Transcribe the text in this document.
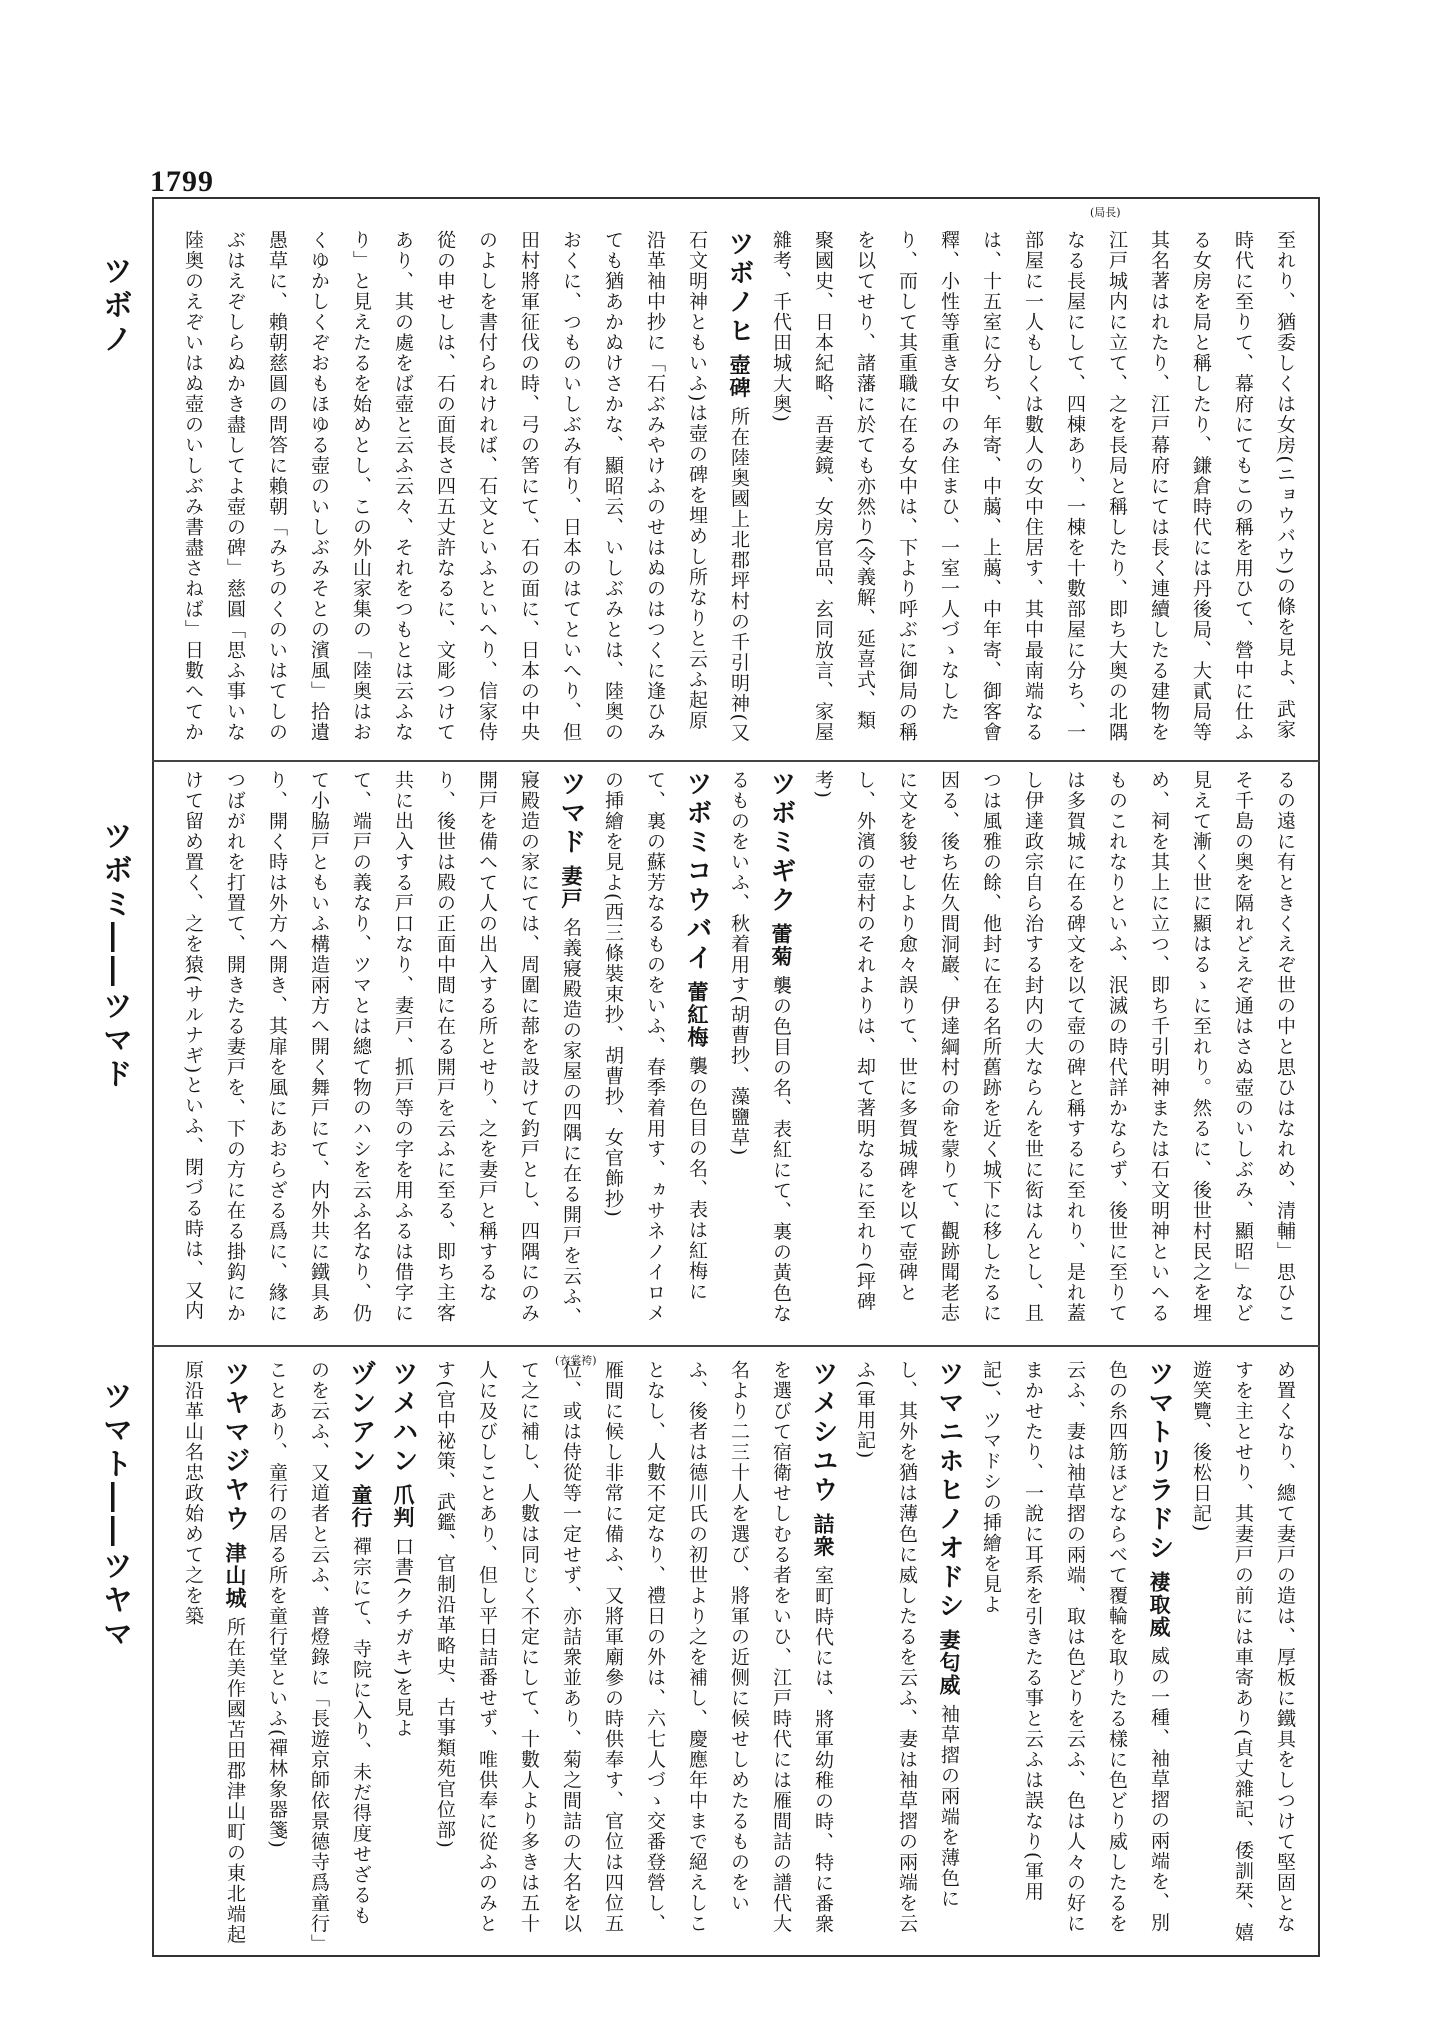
1799
(局長)
(衣裳袴)
ツボノ
ツボミ――ツマド
ツマト――ツヤマ
至れり、猶委しくは女房(ニョウバウ)の條を見よ、武家時代に至りて、幕府にてもこの稱を用ひて、營中に仕ふる女房を局と稱したり、鎌倉時代には丹後局、大貳局等其名著はれたり、江戸幕府にては長く連續したる建物を江戸城内に立て、之を長局と稱したり、即ち大奥の北隅なる長屋にして、四棟あり、一棟を十數部屋に分ち、一部屋に一人もしくは數人の女中住居す、其中最南端なるは、十五室に分ち、年寄、中﨟、上﨟、中年寄、御客會釋、小性等重き女中のみ住まひ、一室一人づゝなしたり、而して其重職に在る女中は、下より呼ぶに御局の稱を以てせり、諸藩に於ても亦然り(令義解、延喜式、類聚國史、日本紀略、吾妻鏡、女房官品、玄同放言、家屋雜考、千代田城大奥)
ツボノヒ 壺碑 所在陸奥國上北郡坪村の千引明神(又石文明神ともいふ)は壺の碑を埋めし所なりと云ふ起原沿革袖中抄に「石ぶみやけふのせはぬのはつくに逢ひみても猶あかぬけさかな、顯昭云、いしぶみとは、陸奥のおくに、つものいしぶみ有り、日本のはてといへり、但田村將軍征伐の時、弓の筈にて、石の面に、日本の中央のよしを書付られければ、石文といふといへり、信家侍從の申せしは、石の面長さ四五丈許なるに、文彫つけてあり、其の處をば壺と云ふ云々、それをつもとは云ふなり」と見えたるを始めとし、この外山家集の「陸奥はおくゆかしくぞおもほゆる壺のいしぶみそとの濱風」拾遺愚草に、賴朝慈圓の問答に賴朝「みちのくのいはてしのぶはえぞしらぬかき盡してよ壺の碑」慈圓「思ふ事いな陸奥のえぞいはぬ壺のいしぶみ書盡さねば」日數へてか
るの遠に有ときくえぞ世の中と思ひはなれめ、清輔」思ひこそ千島の奥を隔れどえぞ通はさぬ壺のいしぶみ、顯昭」など見えて漸く世に顯はるゝに至れり。然るに、後世村民之を埋め、祠を其上に立つ、即ち千引明神または石文明神といへるものこれなりといふ、泯滅の時代詳かならず、後世に至りては多賀城に在る碑文を以て壺の碑と稱するに至れり、是れ蓋し伊達政宗自ら治する封内の大ならんを世に衒はんとし、且つは風雅の餘、他封に在る名所舊跡を近く城下に移したるに因る、後ち佐久間洞巖、伊達綱村の命を蒙りて、觀跡聞老志に文を䝜せしより愈々誤りて、世に多賀城碑を以て壺碑とし、外濱の壺村のそれよりは、却て著明なるに至れり(坪碑考)
ツボミギク 蕾菊 襲の色目の名、表紅にて、裏の黃色なるものをいふ、秋着用す(胡曹抄、藻鹽草)
ツボミコウバイ 蕾紅梅 襲の色目の名、表は紅梅にて、裏の蘇芳なるものをいふ、春季着用す、ヵサネノイロメの挿繪を見よ(西三條裝束抄、胡曹抄、女官飾抄)
ツマド 妻戸 名義寢殿造の家屋の四隅に在る開戸を云ふ、寢殿造の家にては、周圍に蔀を設けて釣戸とし、四隅にのみ開戸を備へて人の出入する所とせり、之を妻戸と稱するなり、後世は殿の正面中間に在る開戸を云ふに至る、即ち主客共に出入する戸口なり、妻戸、抓戸等の字を用ふるは借字にて、端戸の義なり、ツマとは總て物のハシを云ふ名なり、仍て小脇戸ともいふ構造兩方へ開く舞戸にて、内外共に鐵具あり、開く時は外方へ開き、其扉を風にあおらざる爲に、緣につばがれを打置て、開きたる妻戸を、下の方に在る掛鈎にかけて留め置く、之を猿(サルナギ)といふ、閉づる時は、又内
め置くなり、總て妻戸の造は、厚板に鐵具をしつけて堅固となすを主とせり、其妻戸の前には車寄あり(貞丈雜記、倭訓栞、嬉遊笑覽、後松日記)
ツマトリラドシ 褄取威 威の一種、袖草摺の兩端を、別色の糸四筋ほどならべて覆輪を取りたる樣に色どり威したるを云ふ、妻は袖草摺の兩端、取は色どりを云ふ、色は人々の好にまかせたり、一說に耳系を引きたる事と云ふは誤なり(軍用記)、ツマドシの挿繪を見よ
ツマニホヒノオドシ 妻匂威 袖草摺の兩端を薄色にし、其外を猶は薄色に威したるを云ふ、妻は袖草摺の兩端を云ふ(軍用記)
ツメシユウ 詰衆 室町時代には、將軍幼稚の時、特に番衆を選びて宿衛せしむる者をいひ、江戸時代には雁間詰の譜代大名より二三十人を選び、將軍の近侧に候せしめたるものをいふ、後者は德川氏の初世より之を補し、慶應年中まで絕えしことなし、人數不定なり、禮日の外は、六七人づゝ交番登營し、雁間に候し非常に備ふ、又將軍廟參の時供奉す、官位は四位五位、或は侍從等一定せず、亦詰衆並あり、菊之間詰の大名を以て之に補し、人數は同じく不定にして、十數人より多きは五十人に及びしことあり、但し平日詰番せず、唯供奉に從ふのみとす(官中祕策、武鑑、官制沿革略史、古事類苑官位部)
ツメハン 爪判 口書(クチガキ)を見よ
ヅンアン 童行 禪宗にて、寺院に入り、未だ得度せざるものを云ふ、又道者と云ふ、普燈錄に「長遊京師依景德寺爲童行」ことあり、童行の居る所を童行堂といふ(禪林象器箋)
ツヤマジヤウ 津山城 所在美作國苫田郡津山町の東北端起原沿革山名忠政始めて之を築
